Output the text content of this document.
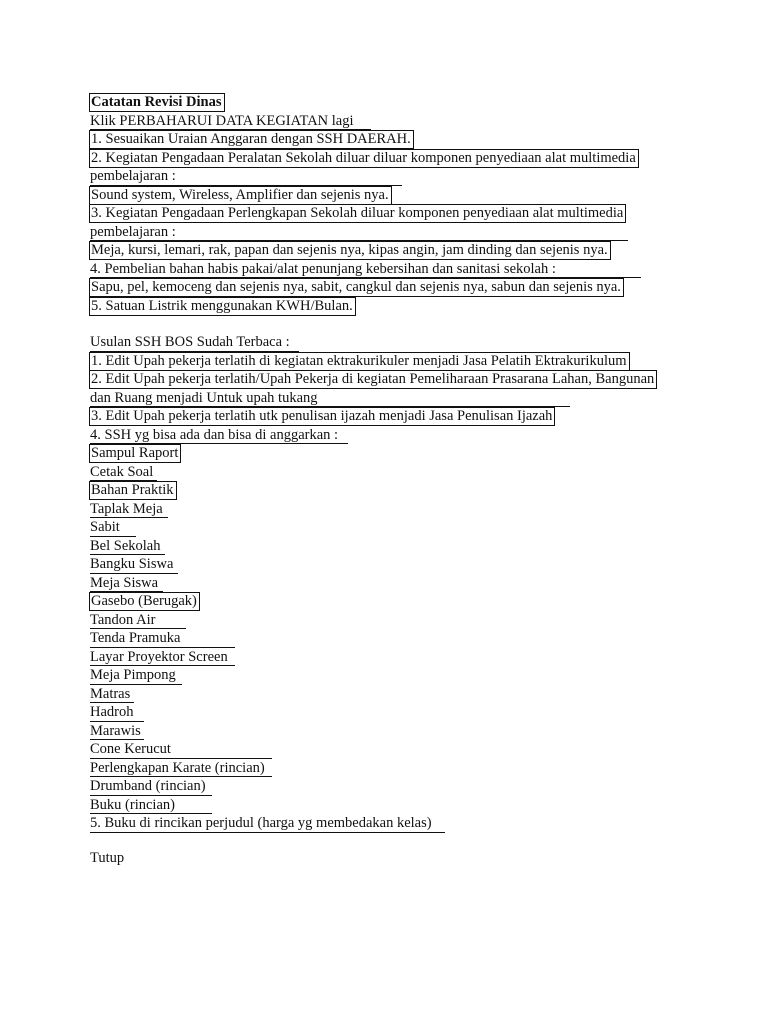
Catatan Revisi Dinas
Klik PERBAHARUI DATA KEGIATAN lagi
1. Sesuaikan Uraian Anggaran dengan SSH DAERAH.
2. Kegiatan Pengadaan Peralatan Sekolah diluar diluar komponen penyediaan alat multimedia
pembelajaran :
Sound system, Wireless, Amplifier dan sejenis nya.
3. Kegiatan Pengadaan Perlengkapan Sekolah diluar komponen penyediaan alat multimedia
pembelajaran :
Meja, kursi, lemari, rak, papan dan sejenis nya, kipas angin, jam dinding dan sejenis nya.
4. Pembelian bahan habis pakai/alat penunjang kebersihan dan sanitasi sekolah :
Sapu, pel, kemoceng dan sejenis nya, sabit, cangkul dan sejenis nya, sabun dan sejenis nya.
5. Satuan Listrik menggunakan KWH/Bulan.
Usulan SSH BOS Sudah Terbaca :
1. Edit Upah pekerja terlatih di kegiatan ektrakurikuler menjadi Jasa Pelatih Ektrakurikulum
2. Edit Upah pekerja terlatih/Upah Pekerja di kegiatan Pemeliharaan Prasarana Lahan, Bangunan
dan Ruang menjadi Untuk upah tukang
3. Edit Upah pekerja terlatih utk penulisan ijazah menjadi Jasa Penulisan Ijazah
4. SSH yg bisa ada dan bisa di anggarkan :
Sampul Raport
Cetak Soal
Bahan Praktik
Taplak Meja
Sabit
Bel Sekolah
Bangku Siswa
Meja Siswa
Gasebo (Berugak)
Tandon Air
Tenda Pramuka
Layar Proyektor Screen
Meja Pimpong
Matras
Hadroh
Marawis
Cone Kerucut
Perlengkapan Karate (rincian)
Drumband (rincian)
Buku (rincian)
5. Buku di rincikan perjudul (harga yg membedakan kelas)
Tutup
